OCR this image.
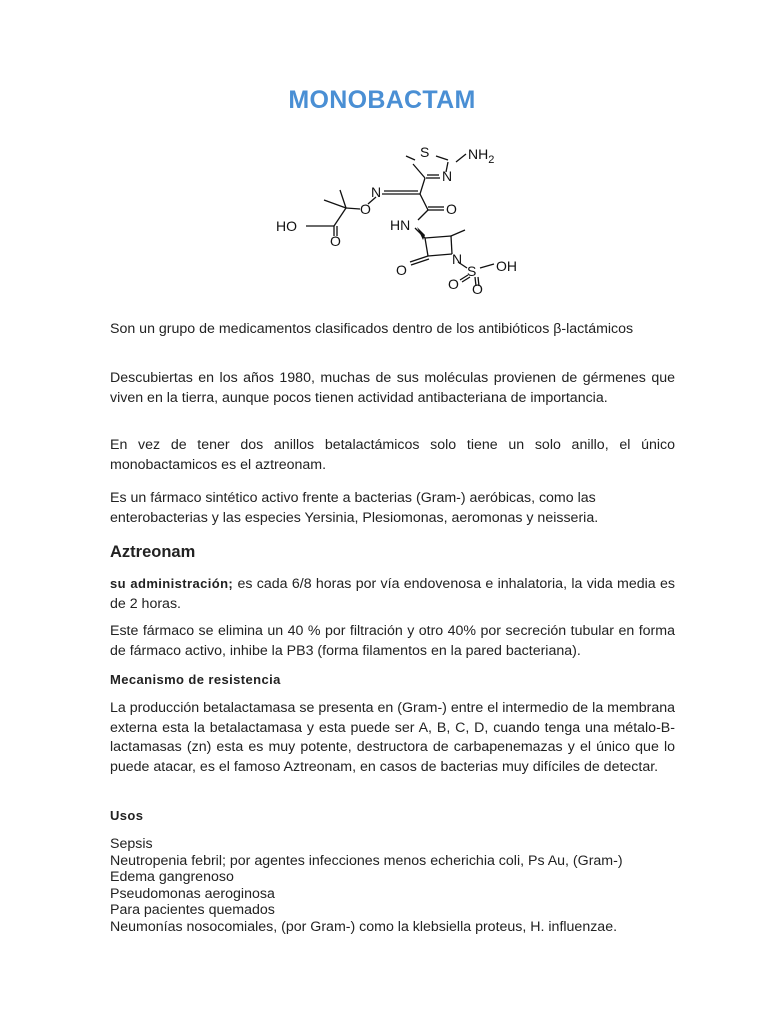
MONOBACTAM
S	$NH_2$
N
N
O
HO
O
O
HN
N
O	S OH
O O

Son un grupo de medicamentos clasificados dentro de los antibióticos β-lactámicos

Descubiertas en los años 1980, muchas de sus moléculas provienen de gérmenes que viven en la tierra, aunque pocos tienen actividad antibacteriana de importancia.

En vez de tener dos anillos betalactámicos solo tiene un solo anillo, el único monobactamicos es el aztreonam.

Es un fármaco sintético activo frente a bacterias (Gram-) aeróbicas, como las enterobacterias y las especies Yersinia, Plesiomonas, aeromonas y neisseria.

Aztreonam

su administración; es cada 6/8 horas por vía endovenosa e inhalatoria, la vida media es de 2 horas.

Este fármaco se elimina un 40 % por filtración y otro 40% por secreción tubular en forma de fármaco activo, inhibe la PB3 (forma filamentos en la pared bacteriana).

Mecanismo de resistencia

La producción betalactamasa se presenta en (Gram-) entre el intermedio de la membrana externa esta la betalactamasa y esta puede ser A, B, C, D, cuando tenga una métalo-B-lactamasas (zn) esta es muy potente, destructora de carbapenemazas y el único que lo puede atacar, es el famoso Aztreonam, en casos de bacterias muy difíciles de detectar.

Usos
Sepsis
Neutropenia febril; por agentes infecciones menos echerichia coli, Ps Au, (Gram-)
Edema gangrenoso
Pseudomonas aeroginosa
Para pacientes quemados
Neumonías nosocomiales, (por Gram-) como la klebsiella proteus, H. influenzae.
